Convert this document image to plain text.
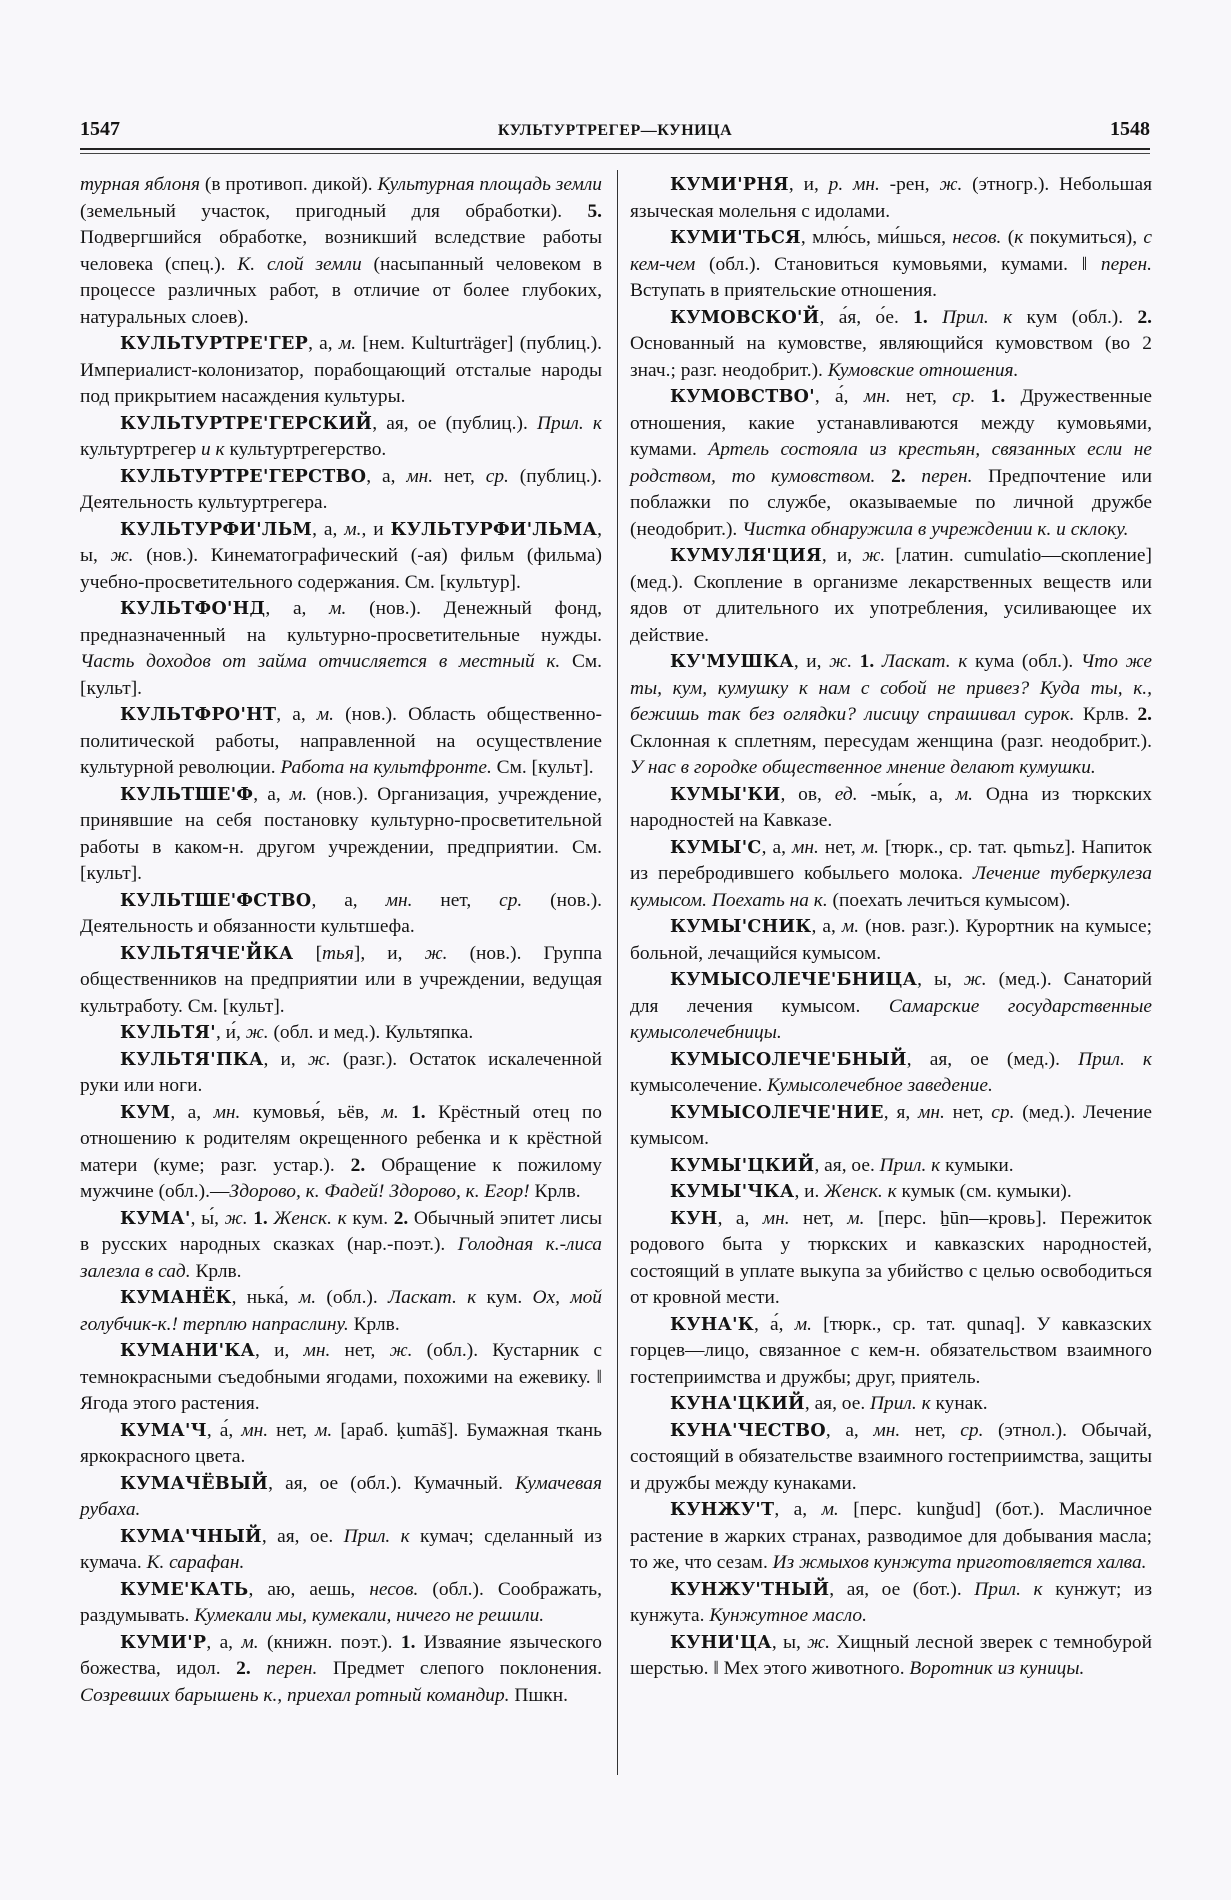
1547	КУЛЬТУРТРЕГЕР—КУНИЦА	1548

турная яблоня (в противоп. дикой). Культурная площадь земли (земельный участок, пригодный для обработки). 5. Подвергшийся обработке, возникший вследствие работы человека (спец.). К. слой земли (насыпанный человеком в процессе различных работ, в отличие от более глубоких, натуральных слоев).

КУЛЬТУРТРЕ'ГЕР, а, м. [нем. Kulturträger] (публиц.). Империалист-колонизатор, порабощающий отсталые народы под прикрытием насаждения культуры.

КУЛЬТУРТРЕ'ГЕРСКИЙ, ая, ое (публиц.). Прил. к культуртрегер и к культуртрегерство.

КУЛЬТУРТРЕ'ГЕРСТВО, а, мн. нет, ср. (публиц.). Деятельность культуртрегера.

КУЛЬТУРФИ'ЛЬМ, а, м., и КУЛЬТУРФИ'ЛЬМА, ы, ж. (нов.). Кинематографический (-ая) фильм (фильма) учебно-просветительного содержания. См. [культур].

КУЛЬТФО'НД, а, м. (нов.). Денежный фонд, предназначенный на культурно-просветительные нужды. Часть доходов от займа отчисляется в местный к. См. [культ].

КУЛЬТФРО'НТ, а, м. (нов.). Область общественно-политической работы, направленной на осуществление культурной революции. Работа на культфронте. См. [культ].

КУЛЬТШЕ'Ф, а, м. (нов.). Организация, учреждение, принявшие на себя постановку культурно-просветительной работы в каком-н. другом учреждении, предприятии. См. [культ].

КУЛЬТШЕ'ФСТВО, а, мн. нет, ср. (нов.). Деятельность и обязанности культшефа.

КУЛЬТЯЧЕ'ЙКА [тья], и, ж. (нов.). Группа общественников на предприятии или в учреждении, ведущая культработу. См. [культ].

КУЛЬТЯ', и́, ж. (обл. и мед.). Культяпка.

КУЛЬТЯ'ПКА, и, ж. (разг.). Остаток искалеченной руки или ноги.

КУМ, а, мн. кумовья́, ьёв, м. 1. Крёстный отец по отношению к родителям окрещенного ребенка и к крёстной матери (куме; разг. устар.). 2. Обращение к пожилому мужчине (обл.).—Здорово, к. Фадей! Здорово, к. Егор! Крлв.

КУМА', ы́, ж. 1. Женск. к кум. 2. Обычный эпитет лисы в русских народных сказках (нар.-поэт.). Голодная к.-лиса залезла в сад. Крлв.

КУМАНЁК, нька́, м. (обл.). Ласкат. к кум. Ох, мой голубчик-к.! терплю напраслину. Крлв.

КУМАНИ'КА, и, мн. нет, ж. (обл.). Кустарник с темнокрасными съедобными ягодами, похожими на ежевику. ‖ Ягода этого растения.

КУМА'Ч, а́, мн. нет, м. [араб. ḳumāš]. Бумажная ткань яркокрасного цвета.

КУМАЧЁВЫЙ, ая, ое (обл.). Кумачный. Кумачевая рубаха.

КУМА'ЧНЫЙ, ая, ое. Прил. к кумач; сделанный из кумача. К. сарафан.

КУМЕ'КАТЬ, аю, аешь, несов. (обл.). Соображать, раздумывать. Кумекали мы, кумекали, ничего не решили.

КУМИ'Р, а, м. (книжн. поэт.). 1. Изваяние языческого божества, идол. 2. перен. Предмет слепого поклонения. Созревших барышень к., приехал ротный командир. Пшкн.

КУМИ'РНЯ, и, р. мн. -рен, ж. (этногр.). Небольшая языческая молельня с идолами.

КУМИ'ТЬСЯ, млю́сь, ми́шься, несов. (к покумиться), с кем-чем (обл.). Становиться кумовьями, кумами. ‖ перен. Вступать в приятельские отношения.

КУМОВСКО'Й, а́я, о́е. 1. Прил. к кум (обл.). 2. Основанный на кумовстве, являющийся кумовством (во 2 знач.; разг. неодобрит.). Кумовские отношения.

КУМОВСТВО', а́, мн. нет, ср. 1. Дружественные отношения, какие устанавливаются между кумовьями, кумами. Артель состояла из крестьян, связанных если не родством, то кумовством. 2. перен. Предпочтение или поблажки по службе, оказываемые по личной дружбе (неодобрит.). Чистка обнаружила в учреждении к. и склоку.

КУМУЛЯ'ЦИЯ, и, ж. [латин. cumulatio—скопление] (мед.). Скопление в организме лекарственных веществ или ядов от длительного их употребления, усиливающее их действие.

КУ'МУШКА, и, ж. 1. Ласкат. к кума (обл.). Что же ты, кум, кумушку к нам с собой не привез? Куда ты, к., бежишь так без оглядки? лисицу спрашивал сурок. Крлв. 2. Склонная к сплетням, пересудам женщина (разг. неодобрит.). У нас в городке общественное мнение делают кумушки.

КУМЫ'КИ, ов, ед. -мы́к, а, м. Одна из тюркских народностей на Кавказе.

КУМЫ'С, а, мн. нет, м. [тюрк., ср. тат. qьmьz]. Напиток из перебродившего кобыльего молока. Лечение туберкулеза кумысом. Поехать на к. (поехать лечиться кумысом).

КУМЫ'СНИК, а, м. (нов. разг.). Курортник на кумысе; больной, лечащийся кумысом.

КУМЫСОЛЕЧЕ'БНИЦА, ы, ж. (мед.). Санаторий для лечения кумысом. Самарские государственные кумысолечебницы.

КУМЫСОЛЕЧЕ'БНЫЙ, ая, ое (мед.). Прил. к кумысолечение. Кумысолечебное заведение.

КУМЫСОЛЕЧЕ'НИЕ, я, мн. нет, ср. (мед.). Лечение кумысом.

КУМЫ'ЦКИЙ, ая, ое. Прил. к кумыки.

КУМЫ'ЧКА, и. Женск. к кумык (см. кумыки).

КУН, а, мн. нет, м. [перс. ẖūn—кровь]. Пережиток родового быта у тюркских и кавказских народностей, состоящий в уплате выкупа за убийство с целью освободиться от кровной мести.

КУНА'К, а́, м. [тюрк., ср. тат. qunaq]. У кавказских горцев—лицо, связанное с кем-н. обязательством взаимного гостеприимства и дружбы; друг, приятель.

КУНА'ЦКИЙ, ая, ое. Прил. к кунак.

КУНА'ЧЕСТВО, а, мн. нет, ср. (этнол.). Обычай, состоящий в обязательстве взаимного гостеприимства, защиты и дружбы между кунаками.

КУНЖУ'Т, а, м. [перс. kunğud] (бот.). Масличное растение в жарких странах, разводимое для добывания масла; то же, что сезам. Из жмыхов кунжута приготовляется халва.

КУНЖУ'ТНЫЙ, ая, ое (бот.). Прил. к кунжут; из кунжута. Кунжутное масло.

КУНИ'ЦА, ы, ж. Хищный лесной зверек с темнобурой шерстью. ‖ Мех этого животного. Воротник из куницы.
